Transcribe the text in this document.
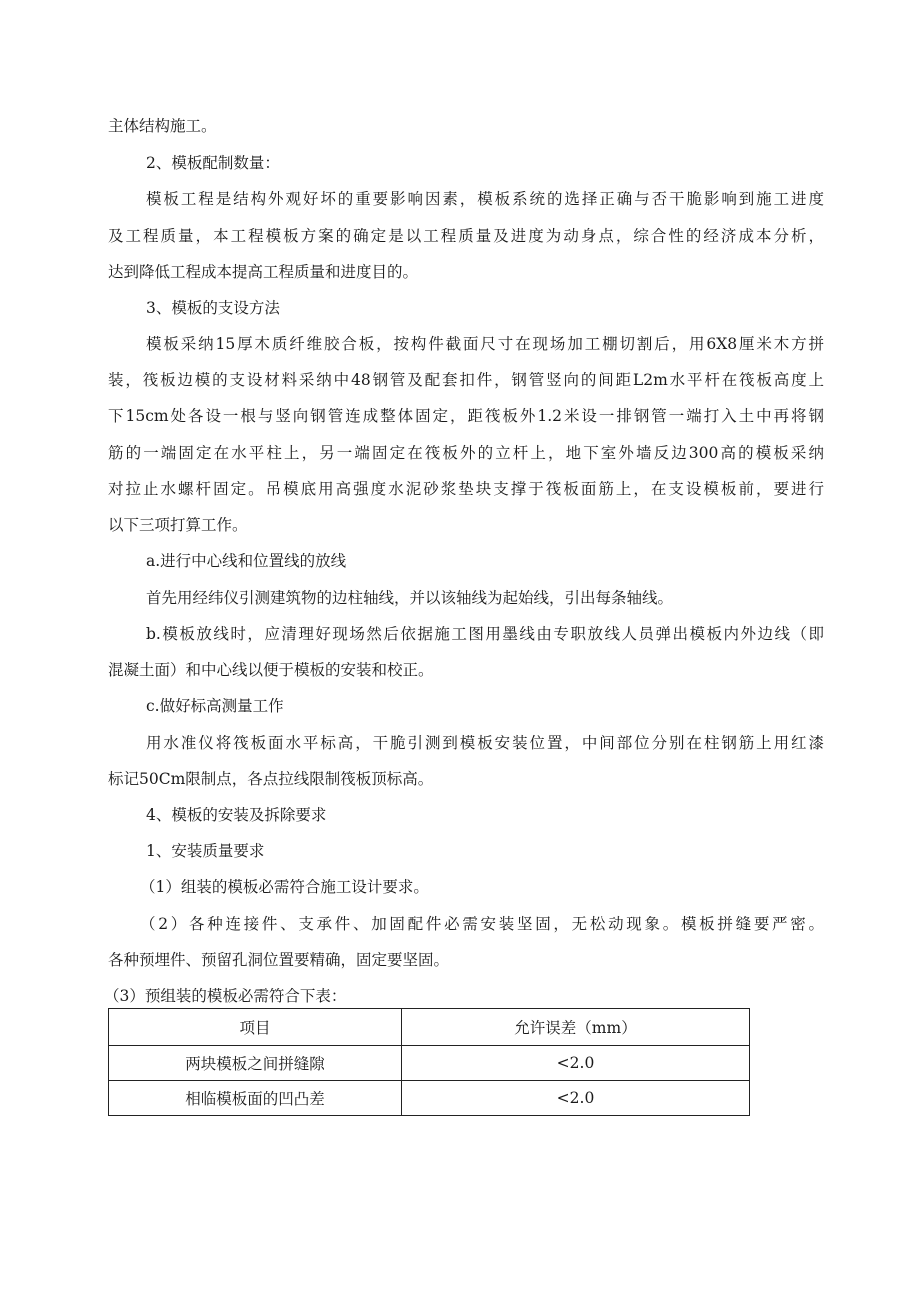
主体结构施工。
2、模板配制数量：
模板工程是结构外观好坏的重要影响因素，模板系统的选择正确与否干脆影响到施工进度
及工程质量，本工程模板方案的确定是以工程质量及进度为动身点，综合性的经济成本分析，
达到降低工程成本提高工程质量和进度目的。
3、模板的支设方法
模板采纳15厚木质纤维胶合板，按构件截面尺寸在现场加工棚切割后，用6X8厘米木方拼
装，筏板边模的支设材料采纳中48钢管及配套扣件，钢管竖向的间距L2m水平杆在筏板高度上
下15cm处各设一根与竖向钢管连成整体固定，距筏板外1.2米设一排钢管一端打入土中再将钢
筋的一端固定在水平柱上，另一端固定在筏板外的立杆上，地下室外墙反边300高的模板采纳
对拉止水螺杆固定。吊模底用高强度水泥砂浆垫块支撑于筏板面筋上，在支设模板前，要进行
以下三项打算工作。
a.进行中心线和位置线的放线
首先用经纬仪引测建筑物的边柱轴线，并以该轴线为起始线，引出每条轴线。
b.模板放线时，应清理好现场然后依据施工图用墨线由专职放线人员弹出模板内外边线（即
混凝土面）和中心线以便于模板的安装和校正。
c.做好标高测量工作
用水准仪将筏板面水平标高，干脆引测到模板安装位置，中间部位分别在柱钢筋上用红漆
标记50Cm限制点，各点拉线限制筏板顶标高。
4、模板的安装及拆除要求
1、安装质量要求
（1）组装的模板必需符合施工设计要求。
（2）各种连接件、支承件、加固配件必需安装坚固，无松动现象。模板拼缝要严密。
各种预埋件、预留孔洞位置要精确，固定要坚固。
（3）预组装的模板必需符合下表：
项目	允许误差（mm）
两块模板之间拼缝隙	<2.0
相临模板面的凹凸差	<2.0
